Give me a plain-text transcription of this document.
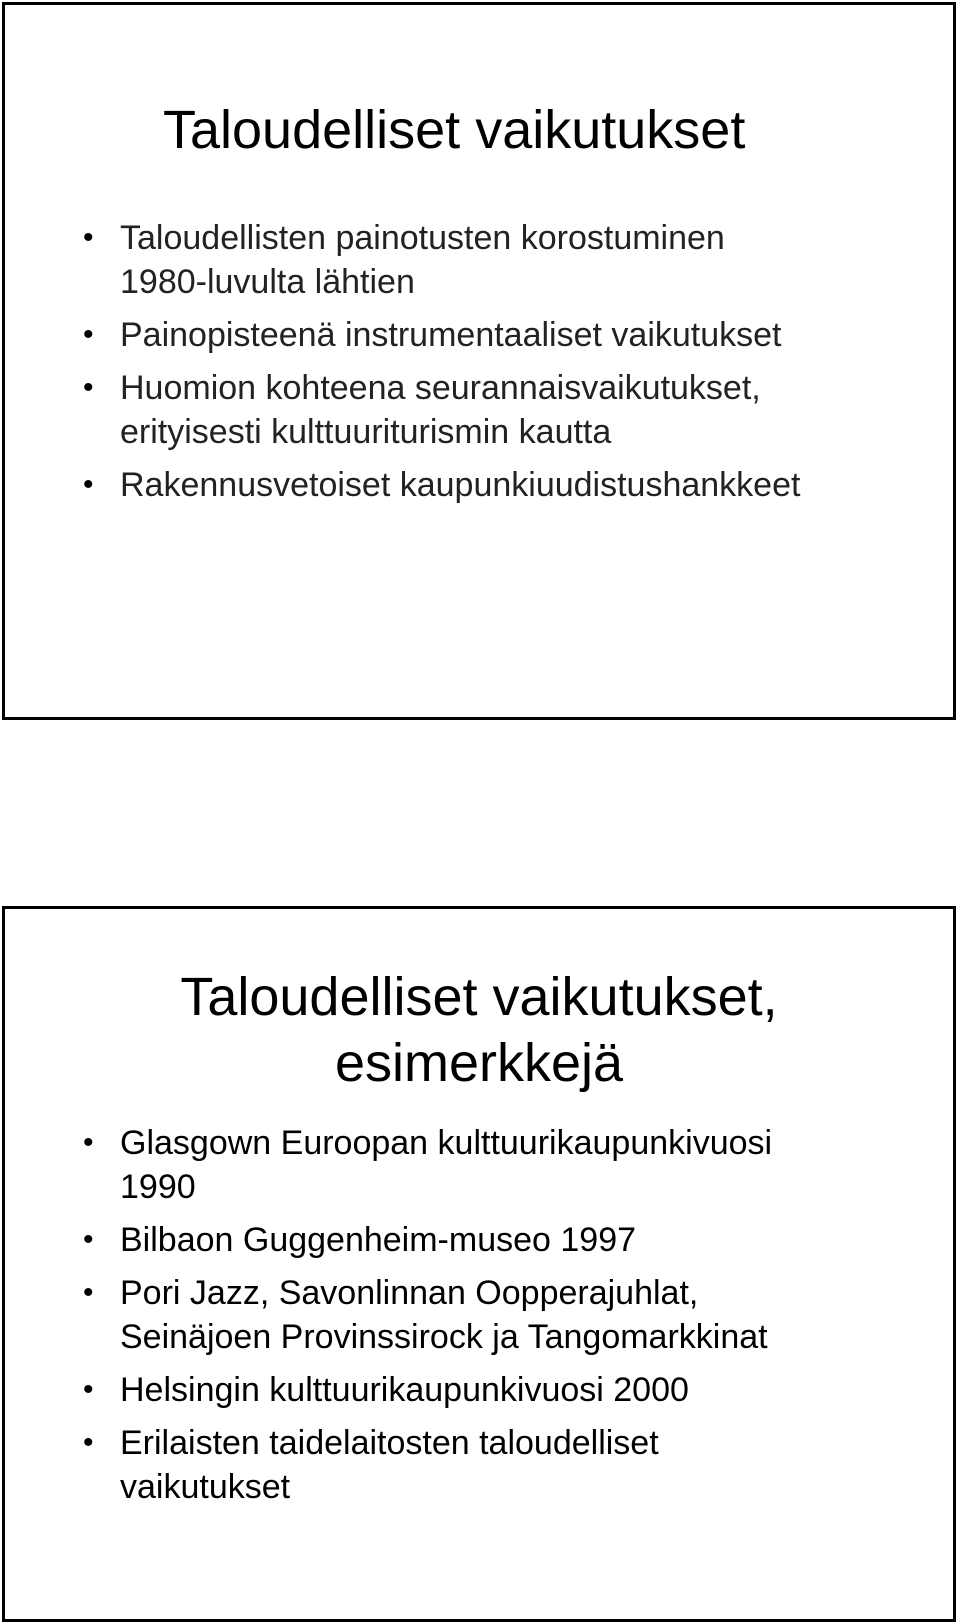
Taloudelliset vaikutukset
• Taloudellisten painotusten korostuminen
1980-luvulta lähtien
• Painopisteenä instrumentaaliset vaikutukset
• Huomion kohteena seurannaisvaikutukset,
erityisesti kulttuuriturismin kautta
• Rakennusvetoiset kaupunkiuudistushankkeet
Taloudelliset vaikutukset,
esimerkkejä
• Glasgown Euroopan kulttuurikaupunkivuosi
1990
• Bilbaon Guggenheim-museo 1997
• Pori Jazz, Savonlinnan Oopperajuhlat,
Seinäjoen Provinssirock ja Tangomarkkinat
• Helsingin kulttuurikaupunkivuosi 2000
• Erilaisten taidelaitosten taloudelliset
vaikutukset
